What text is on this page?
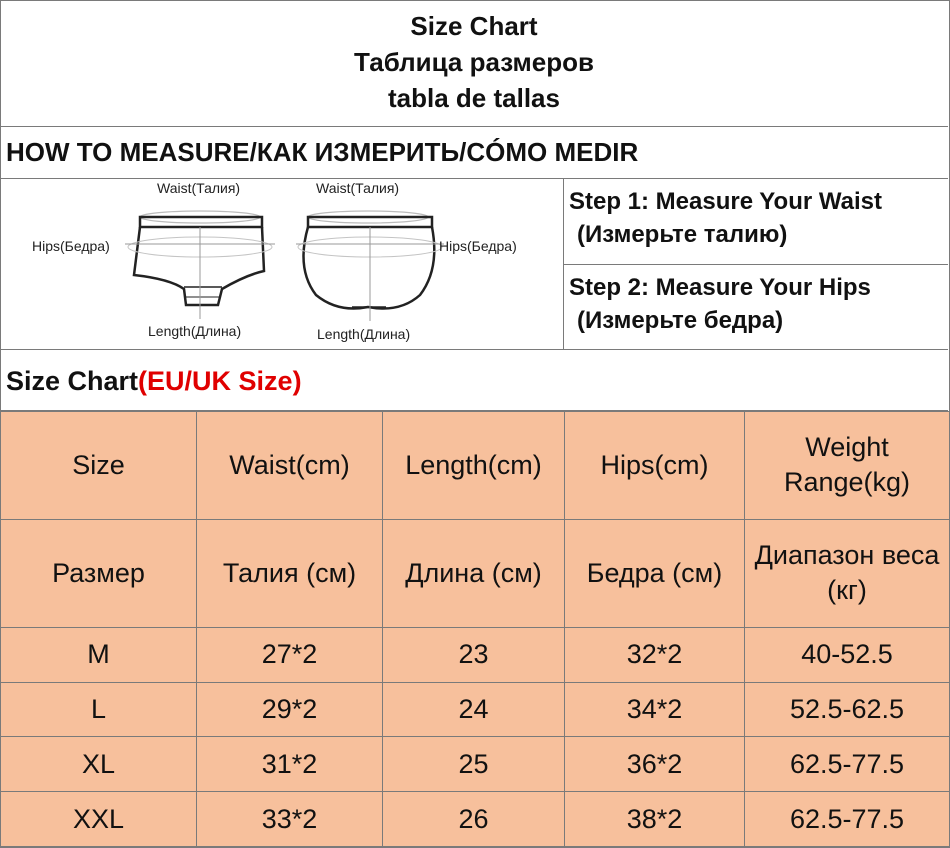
Size Chart
Таблица размеров
tabla de tallas
HOW TO MEASURE/КАК ИЗМЕРИТЬ/CÓMO MEDIR
Waist(Талия)
Hips(Бедра)
Length(Длина)
Waist(Талия)
Hips(Бедра)
Length(Длина)
Step 1: Measure Your Waist
(Измерьте талию)
Step 2: Measure Your Hips
(Измерьте бедра)
Size Chart(EU/UK Size)
Size	Waist(cm)	Length(cm)	Hips(cm)	Weight Range(kg)
Размер	Талия (см)	Длина (см)	Бедра (см)	Диапазон веса (кг)
M	27*2	23	32*2	40-52.5
L	29*2	24	34*2	52.5-62.5
XL	31*2	25	36*2	62.5-77.5
XXL	33*2	26	38*2	62.5-77.5
